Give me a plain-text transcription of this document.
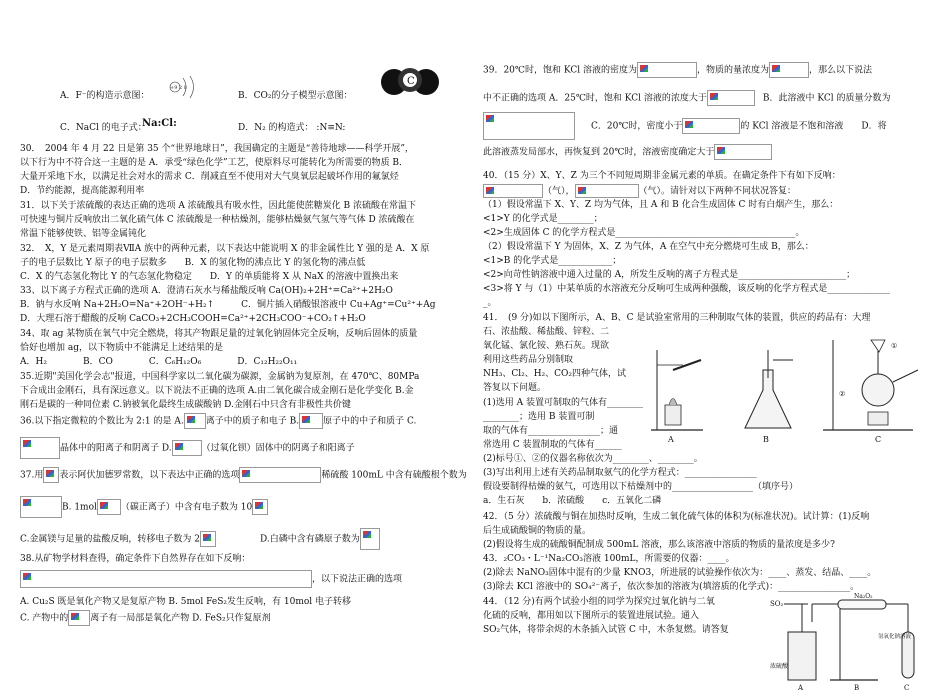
+9 2 8
C
A．F⁻的构造示意图：	B．CO₂的分子模型示意图：
C．NaCl 的电子式：
Na:Cl:	D．N₂ 的构造式： :N≡N:
30．　2004 年 4 月 22 日是第 35 个“世界地球日”，我国确定的主题是“善待地球——科学开展”，
以下行为中不符合这一主题的是 A．承受“绿色化学”工艺，使原料尽可能转化为所需要的物质 B．
大量开采地下水，以满足社会对水的需求 C．削减直至不使用对大气臭氧层起破坏作用的氟氯烃
D．节约能源，提高能源利用率
31．以下关于浓硫酸的表达正确的选项 A 浓硫酸具有吸水性，因此能使蔗糖炭化 B 浓硫酸在常温下
可快速与铜片反响放出二氧化硫气体 C 浓硫酸是一种枯燥剂，能够枯燥氨气氢气等气体 D 浓硫酸在
常温下能够使铁、铝等金属钝化
32．　X，Y 是元素周期表ⅦA 族中的两种元素，以下表达中能说明 X 的非金属性比 Y 强的是 A．X 原
子的电子层数比 Y 原子的电子层数多　　B．X 的氢化物的沸点比 Y 的氢化物的沸点低
C．X 的气态氢化物比 Y 的气态氢化物稳定　　D．Y 的单质能将 X 从 NaX 的溶液中置换出来
33、以下离子方程式正确的选项 A．澄清石灰水与稀盐酸反响 Ca(OH)₂+2H⁺=Ca²⁺+2H₂O
B．钠与水反响 Na+2H₂O=Na⁺+2OH⁻+H₂↑　　　C．铜片插入硝酸银溶液中 Cu+Ag⁺=Cu²⁺+Ag
D．大理石溶于醋酸的反响 CaCO₃+2CH₃COOH=Ca²⁺+2CH₃COO⁻+CO₂↑+H₂O
34、取 ag 某物质在氧气中完全燃烧，将其产物跟足量的过氧化钠固体完全反响，反响后固体的质量
恰好也增加 ag，以下物质中不能满足上述结果的是
A．H₂　　　　B．CO　　　　C．C₆H₁₂O₆　　　　D．C₁₂H₂₂O₁₁
35.近期"美国化学会志"报道，中国科学家以二氧化碳为碳源，金属钠为复原剂，在 470℃、80MPa
下合成出金刚石，具有深远意义。以下说法不正确的选项 A.由二氧化碳合成金刚石是化学变化 B.金
刚石是碳的一种同位素 C.钠被氧化最终生成碳酸钠 D.金刚石中只含有非极性共价键
36.以下指定微粒的个数比为 2:1 的是 A. 离子中的质子和电子 B.	原子中的中子和质子 C.
晶体中的阳离子和阴离子 D.	（过氧化钡）固体中的阴离子和阳离子
37.用 表示阿伏加德罗常数，以下表达中正确的选项	稀硫酸 100mL 中含有硫酸根个数为
B. 1mol	（碳正离子）中含有电子数为 10
C.金属镁与足量的盐酸反响，转移电子数为 2	D.白磷中含有磷原子数为
38.从矿物学材料查得，确定条件下自然界存在如下反响：
，以下说法正确的选项
A. Cu₂S 既是氧化产物又是复原产物 B. 5mol FeS₂发生反响，有 10mol 电子转移
C. 产物中的 离子有一局部是氧化产物 D. FeS₂只作复原剂
39．20℃时，饱和 KCl 溶液的密度为	，物质的量浓度为	，那么以下说法
中不正确的选项 A．25℃时，饱和 KCl 溶液的浓度大于	B．此溶液中 KCl 的质量分数为
C．20℃时，密度小于	的 KCl 溶液是不饱和溶液　　D．将
此溶液蒸发局部水，再恢复到 20℃时，溶液密度确定大于
40．（15 分）X、Y、Z 为三个不同短周期非金属元素的单质。在确定条件下有如下反响：
（气），	（气）。请针对以下两种不同状况答复：
（1）假设常温下 X、Y、Z 均为气体，且 A 和 B 化合生成固体 C 时有白烟产生，那么：
<1>Y 的化学式是________；
<2>生成固体 C 的化学方程式是________________________________________。
（2）假设常温下 Y 为固体，X、Z 为气体，A 在空气中充分燃烧可生成 B，那么：
<1>B 的化学式是____________；
<2>向苛性钠溶液中通入过量的 A，所发生反响的离子方程式是________________________；
<3>将 Y 与（1）中某单质的水溶液充分反响可生成两种强酸，该反响的化学方程式是______________
_。
41．　(9 分)如以下图所示，A、B、C 是试验室常用的三种制取气体的装置，供应的药品有：大理
石、浓盐酸、稀盐酸、锌粒、二
氧化锰、氯化铵、熟石灰。现欲
利用这些药品分别制取
NH₃、Cl₂、H₂、CO₂四种气体，试
答复以下问题。
(1)选用 A 装置可制取的气体有________
________；选用 B 装置可制
取的气体有________________；通
常选用 C 装置制取的气体有______
(2)标号①、②的仪器名称依次为________、________。
(3)写出利用上述有关药品制取氨气的化学方程式：________________
假设要制得枯燥的氨气，可选用以下枯燥剂中的__________________（填序号）
a．生石灰　　b．浓硫酸　　c．五氧化二磷
A	B
①
②
C
42．（5 分）浓硫酸与铜在加热时反响，生成二氧化硫气体的体积为(标准状况)。试计算：(1)反响
后生成硫酸铜的物质的量。
(2)假设将生成的硫酸铜配制成 500mL 溶液，那么该溶液中溶质的物质的量浓度是多少?
43．₂CO₃・L⁻¹Na₂CO₃溶液 100mL，所需要的仪器：____。
(2)除去 NaNO₃固体中混有的少量 KNO3，所进展的试验操作依次为：____、蒸发、结晶、____。
(3)除去 KCl 溶液中的 SO₄²⁻离子，依次参加的溶液为(填溶质的化学式)：________________。
44．（12 分)有两个试验小组的同学为探究过氧化钠与二氧
化硫的反响，都用如以下图所示的装置进展试验。通入
SO₂气体，将带余烬的木条插入试管 C 中，木条复燃。请答复
SO₂
浓硫酸
A
Na₂O₂
B
氢氧化钠溶液
C
